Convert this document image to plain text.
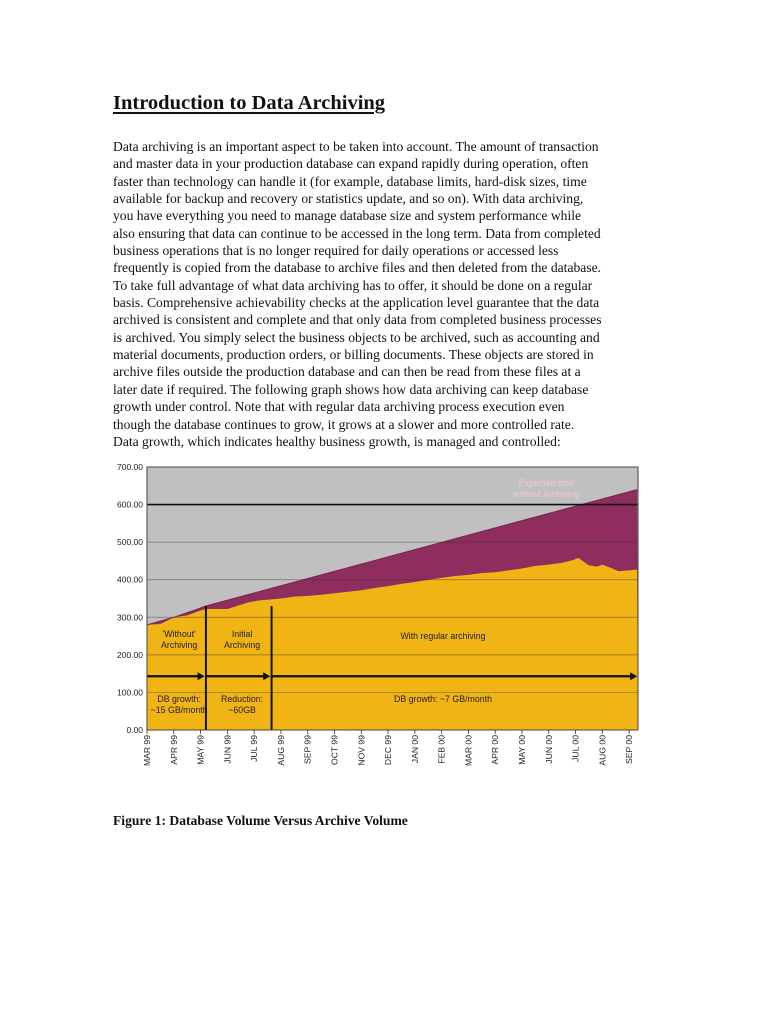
Introduction to Data Archiving

Data archiving is an important aspect to be taken into account. The amount of transaction
and master data in your production database can expand rapidly during operation, often
faster than technology can handle it (for example, database limits, hard-disk sizes, time
available for backup and recovery or statistics update, and so on). With data archiving,
you have everything you need to manage database size and system performance while
also ensuring that data can continue to be accessed in the long term. Data from completed
business operations that is no longer required for daily operations or accessed less
frequently is copied from the database to archive files and then deleted from the database.
To take full advantage of what data archiving has to offer, it should be done on a regular
basis. Comprehensive achievability checks at the application level guarantee that the data
archived is consistent and complete and that only data from completed business processes
is archived. You simply select the business objects to be archived, such as accounting and
material documents, production orders, or billing documents. These objects are stored in
archive files outside the production database and can then be read from these files at a
later date if required. The following graph shows how data archiving can keep database
growth under control. Note that with regular data archiving process execution even
though the database continues to grow, it grows at a slower and more controlled rate.
Data growth, which indicates healthy business growth, is managed and controlled:

0.00
100.00
200.00
300.00
400.00
500.00
600.00
700.00
Expected size
without Archiving
'Without'
Archiving
Initial
Archiving
With regular archiving
DB growth:
~15 GB/month
Reduction:
~60GB
DB growth: ~7 GB/month
MAR 99 APR 99 MAY 99 JUN 99 JUL 99 AUG 99 SEP 99 OCT 99 NOV 99 DEC 99 JAN 00 FEB 00 MAR 00 APR 00 MAY 00 JUN 00 JUL 00 AUG 00 SEP 00

Figure 1: Database Volume Versus Archive Volume
